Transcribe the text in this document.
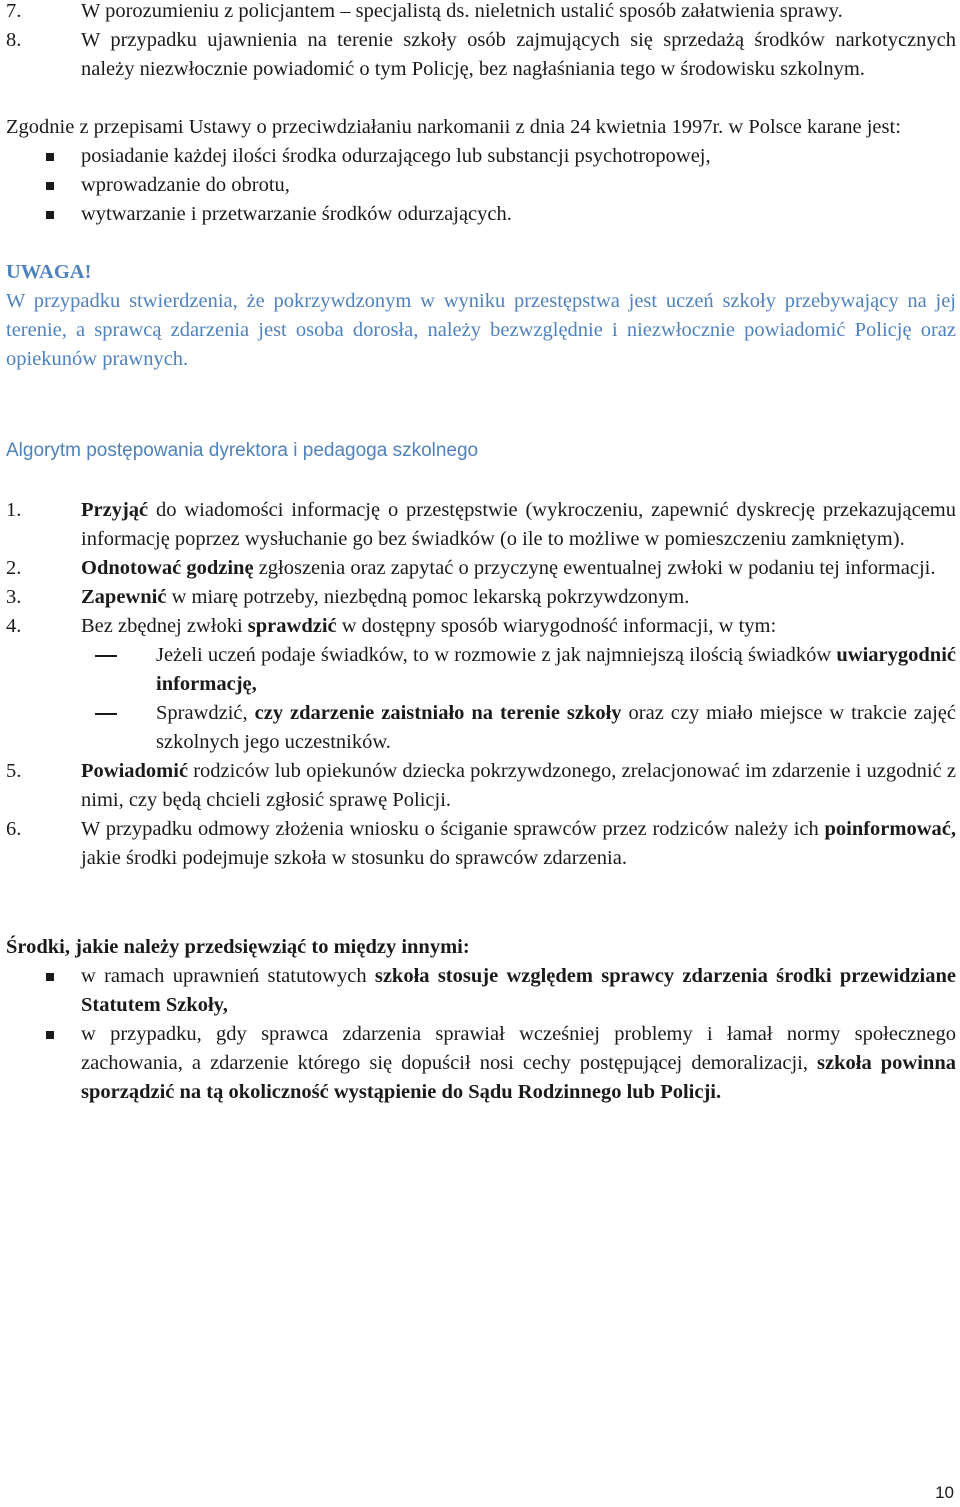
7.	W porozumieniu z policjantem – specjalistą ds. nieletnich ustalić sposób załatwienia sprawy.
8.	W przypadku ujawnienia na terenie szkoły osób zajmujących się sprzedażą środków narkotycznych należy niezwłocznie powiadomić o tym Policję, bez nagłaśniania tego w środowisku szkolnym.
Zgodnie z przepisami Ustawy o przeciwdziałaniu narkomanii z dnia 24 kwietnia 1997r. w Polsce karane jest:
posiadanie każdej ilości środka odurzającego lub substancji psychotropowej,
wprowadzanie do obrotu,
wytwarzanie i przetwarzanie środków odurzających.
UWAGA!
W przypadku stwierdzenia, że pokrzywdzonym w wyniku przestępstwa jest uczeń szkoły przebywający na jej terenie, a sprawcą zdarzenia jest osoba dorosła, należy bezwzględnie i niezwłocznie powiadomić Policję oraz opiekunów prawnych.
Algorytm postępowania dyrektora i pedagoga szkolnego
1.	Przyjąć do wiadomości informację o przestępstwie (wykroczeniu, zapewnić dyskrecję przekazującemu informację poprzez wysłuchanie go bez świadków (o ile to możliwe w pomieszczeniu zamkniętym).
2.	Odnotować godzinę zgłoszenia oraz zapytać o przyczynę ewentualnej zwłoki w podaniu tej informacji.
3.	Zapewnić w miarę potrzeby, niezbędną pomoc lekarską pokrzywdzonym.
4.	Bez zbędnej zwłoki sprawdzić w dostępny sposób wiarygodność informacji, w tym:
Jeżeli uczeń podaje świadków, to w rozmowie z jak najmniejszą ilością świadków uwiarygodnić informację,
Sprawdzić, czy zdarzenie zaistniało na terenie szkoły oraz czy miało miejsce w trakcie zajęć szkolnych jego uczestników.
5.	Powiadomić rodziców lub opiekunów dziecka pokrzywdzonego, zrelacjonować im zdarzenie i uzgodnić z nimi, czy będą chcieli zgłosić sprawę Policji.
6.	W przypadku odmowy złożenia wniosku o ściganie sprawców przez rodziców należy ich poinformować, jakie środki podejmuje szkoła w stosunku do sprawców zdarzenia.
Środki, jakie należy przedsięwziąć to między innymi:
w ramach uprawnień statutowych szkoła stosuje względem sprawcy zdarzenia środki przewidziane Statutem Szkoły,
w przypadku, gdy sprawca zdarzenia sprawiał wcześniej problemy i łamał normy społecznego zachowania, a zdarzenie którego się dopuścił nosi cechy postępującej demoralizacji, szkoła powinna sporządzić na tą okoliczność wystąpienie do Sądu Rodzinnego lub Policji.
10
